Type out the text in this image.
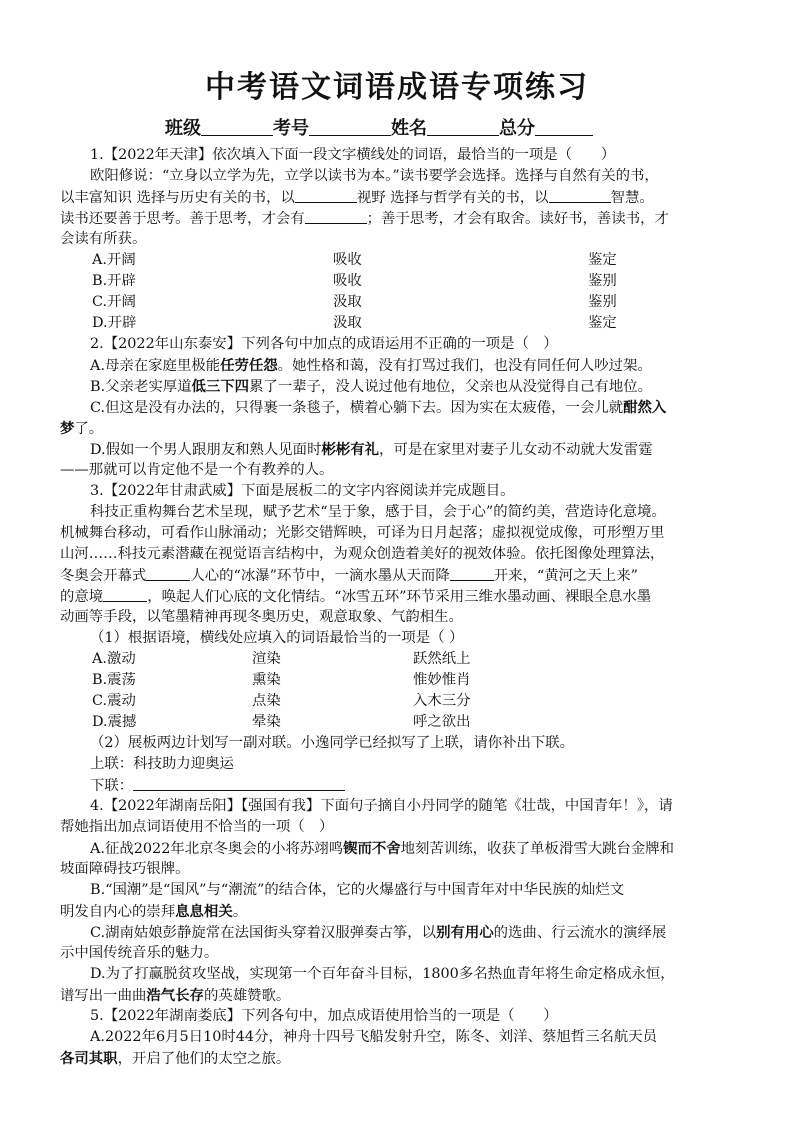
中考语文词语成语专项练习
班级	考号	姓名	总分
1.【2022年天津】依次填入下面一段文字横线处的词语，最恰当的一项是（　　）
欧阳修说：“立身以立学为先，立学以读书为本。”读书要学会选择。选择与自然有关的书，
以丰富知识 选择与历史有关的书，以	视野 选择与哲学有关的书，以	智慧。
读书还要善于思考。善于思考，才会有	；善于思考，才会有取舍。读好书，善读书，才
会读有所获。
A.开阔	吸收	鉴定
B.开辟	吸收	鉴别
C.开阔	汲取	鉴别
D.开辟	汲取	鉴定
2.【2022年山东泰安】下列各句中加点的成语运用不正确的一项是（　）
A.母亲在家庭里极能任劳任怨。她性格和蔼，没有打骂过我们，也没有同任何人吵过架。
B.父亲老实厚道低三下四累了一辈子，没人说过他有地位，父亲也从没觉得自己有地位。
C.但这是没有办法的，只得裹一条毯子，横着心躺下去。因为实在太疲倦，一会儿就酣然入
梦了。
D.假如一个男人跟朋友和熟人见面时彬彬有礼，可是在家里对妻子儿女动不动就大发雷霆
——那就可以肯定他不是一个有教养的人。
3.【2022年甘肃武威】下面是展板二的文字内容阅读并完成题目。
科技正重构舞台艺术呈现，赋予艺术“呈于象，感于目，会于心”的简约美，营造诗化意境。
机械舞台移动，可看作山脉涌动；光影交错辉映，可译为日月起落；虚拟视觉成像，可形塑万里
山河……科技元素潜藏在视觉语言结构中，为观众创造着美好的视效体验。依托图像处理算法，
冬奥会开幕式	人心的“冰瀑”环节中，一滴水墨从天而降	开来，“黄河之天上来”
的意境	，唤起人们心底的文化情结。“冰雪五环”环节采用三维水墨动画、裸眼全息水墨
动画等手段，以笔墨精神再现冬奥历史，观意取象、气韵相生。
（1）根据语境，横线处应填入的词语最恰当的一项是（ ）
A.激动	渲染	跃然纸上
B.震荡	熏染	惟妙惟肖
C.震动	点染	入木三分
D.震撼	晕染	呼之欲出
（2）展板两边计划写一副对联。小逸同学已经拟写了上联，请你补出下联。
上联：科技助力迎奥运
下联：
4.【2022年湖南岳阳】【强国有我】下面句子摘自小丹同学的随笔《壮哉，中国青年！》，请
帮她指出加点词语使用不恰当的一项（　）
A.征战2022年北京冬奥会的小将苏翊鸣锲而不舍地刻苦训练，收获了单板滑雪大跳台金牌和
坡面障碍技巧银牌。
B.“国潮”是“国风”与“潮流”的结合体，它的火爆盛行与中国青年对中华民族的灿烂文
明发自内心的崇拜息息相关。
C.湖南姑娘彭静旋常在法国街头穿着汉服弹奏古筝，以别有用心的选曲、行云流水的演绎展
示中国传统音乐的魅力。
D.为了打赢脱贫攻坚战，实现第一个百年奋斗目标，1800多名热血青年将生命定格成永恒，
谱写出一曲曲浩气长存的英雄赞歌。
5.【2022年湖南娄底】下列各句中，加点成语使用恰当的一项是（　　）
A.2022年6月5日10时44分，神舟十四号飞船发射升空，陈冬、刘洋、蔡旭哲三名航天员
各司其职，开启了他们的太空之旅。
